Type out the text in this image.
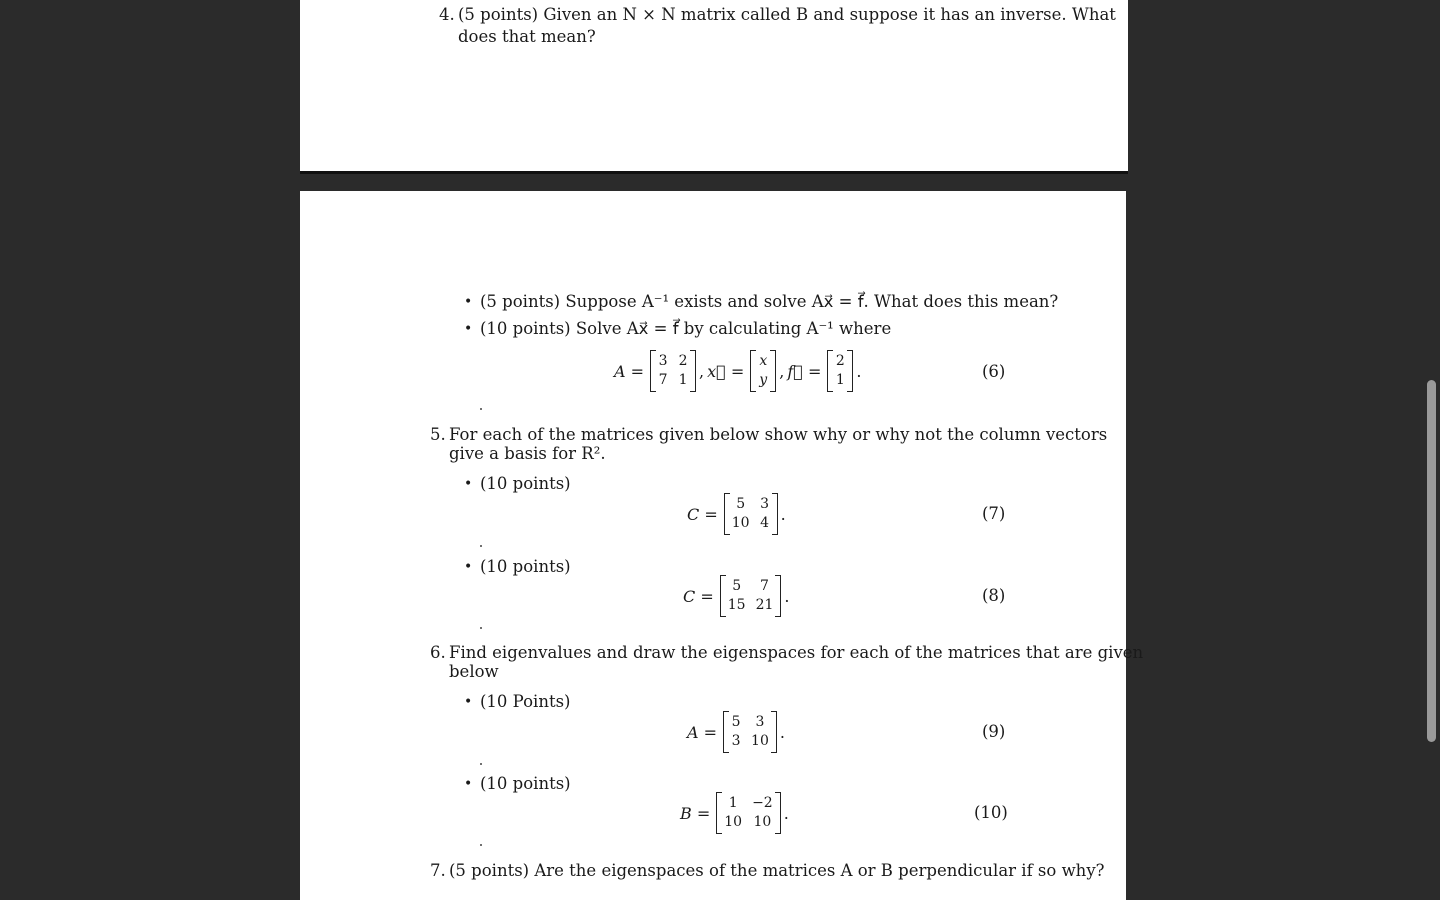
4. (5 points) Given an N × N matrix called B and suppose it has an inverse. What
does that mean?
• (5 points) Suppose A⁻¹ exists and solve Ax⃗ = f⃗. What does this mean?
• (10 points) Solve Ax⃗ = f⃗ by calculating A⁻¹ where
A =
3 2
7 1 , x⃗ =
x
y , f⃗ =
2
1 .	(6)
5. For each of the matrices given below show why or why not the column vectors
give a basis for R².
• (10 points)
C =
5	3
10 4 .	(7)
• (10 points)
C =
5	7
15 21 .	(8)
6. Find eigenvalues and draw the eigenspaces for each of the matrices that are given
below
• (10 Points)
A =
5	3
3 10 .	(9)
• (10 points)
B =
1	−2
10 10 .	(10)
7. (5 points) Are the eigenspaces of the matrices A or B perpendicular if so why?
